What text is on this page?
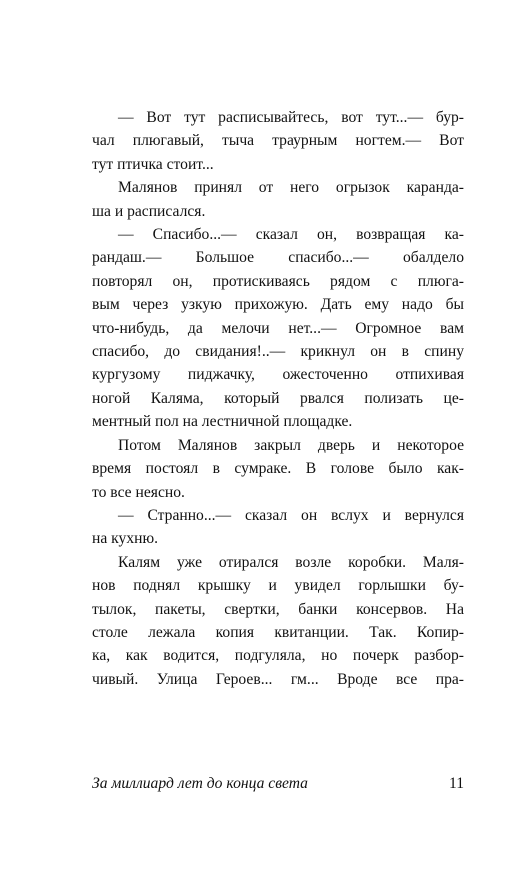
— Вот тут расписывайтесь, вот тут...— бур-
чал плюгавый, тыча траурным ногтем.— Вот
тут птичка стоит...

Малянов принял от него огрызок каранда-
ша и расписался.

— Спасибо...— сказал он, возвращая ка-
рандаш.— Большое спасибо...— обалдело
повторял он, протискиваясь рядом с плюга-
вым через узкую прихожую. Дать ему надо бы
что-нибудь, да мелочи нет...— Огромное вам
спасибо, до свидания!..— крикнул он в спину
кургузому пиджачку, ожесточенно отпихивая
ногой Каляма, который рвался полизать це-
ментный пол на лестничной площадке.

Потом Малянов закрыл дверь и некоторое
время постоял в сумраке. В голове было как-
то все неясно.

— Странно...— сказал он вслух и вернулся
на кухню.

Калям уже отирался возле коробки. Маля-
нов поднял крышку и увидел горлышки бу-
тылок, пакеты, свертки, банки консервов. На
столе лежала копия квитанции. Так. Копир-
ка, как водится, подгуляла, но почерк разбор-
чивый. Улица Героев... гм... Вроде все пра-

За миллиард лет до конца света	11
